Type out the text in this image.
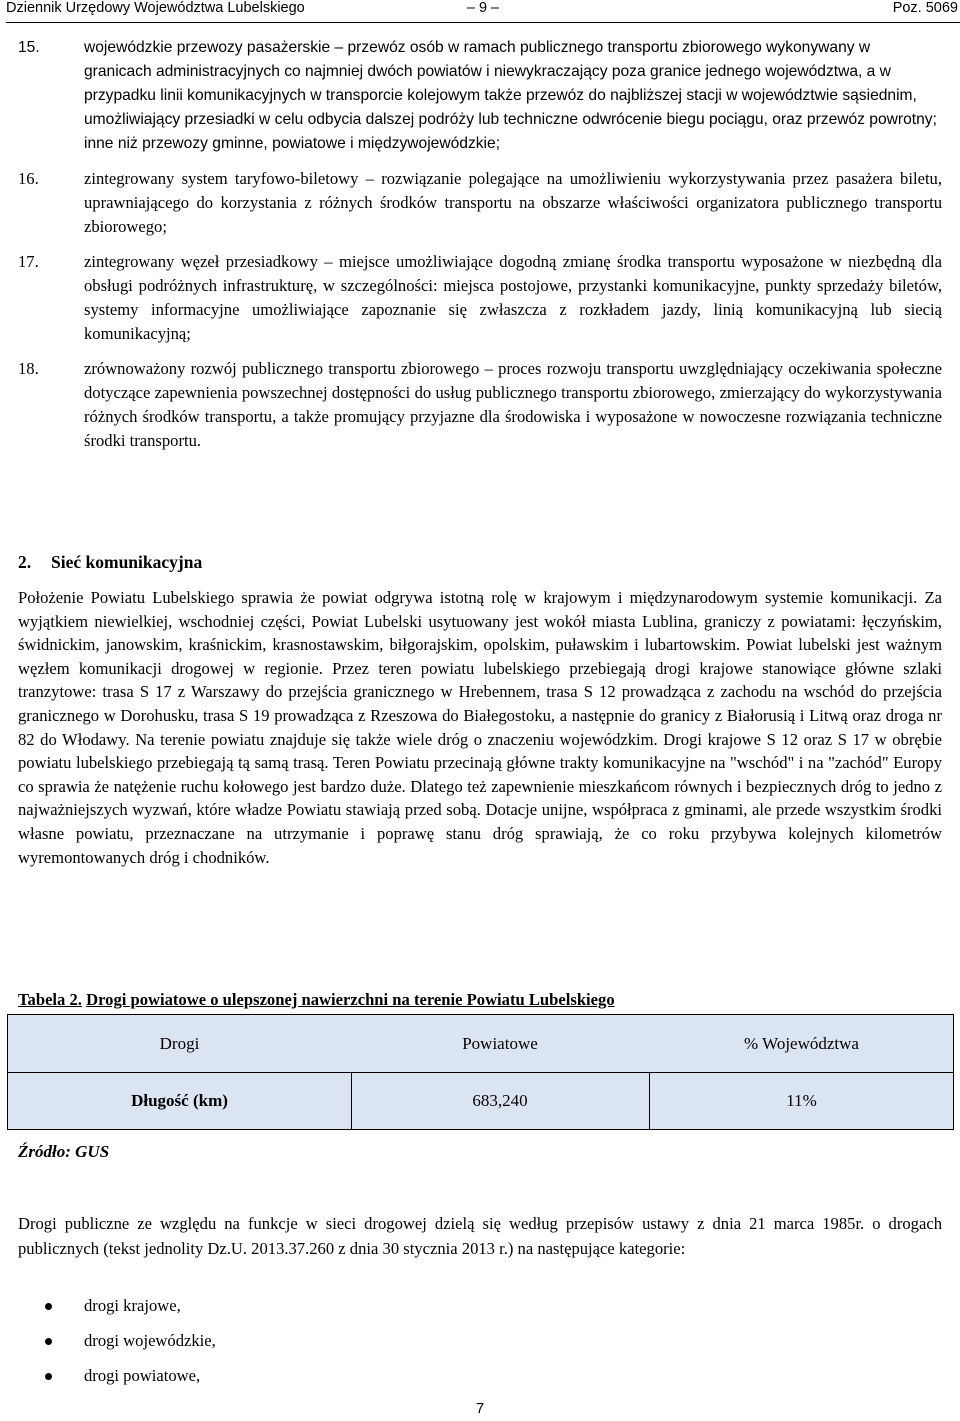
Dziennik Urzędowy Województwa Lubelskiego	– 9 –	Poz. 5069
15.	wojewódzkie przewozy pasażerskie – przewóz osób w ramach publicznego transportu zbiorowego wykonywany w granicach administracyjnych co najmniej dwóch powiatów i niewykraczający poza granice jednego województwa, a w przypadku linii komunikacyjnych w transporcie kolejowym także przewóz do najbliższej stacji w województwie sąsiednim, umożliwiający przesiadki w celu odbycia dalszej podróży lub techniczne odwrócenie biegu pociągu, oraz przewóz powrotny; inne niż przewozy gminne, powiatowe i międzywojewódzkie;
16.	zintegrowany system taryfowo-biletowy – rozwiązanie polegające na umożliwieniu wykorzystywania przez pasażera biletu, uprawniającego do korzystania z różnych środków transportu na obszarze właściwości organizatora publicznego transportu zbiorowego;
17.	zintegrowany węzeł przesiadkowy – miejsce umożliwiające dogodną zmianę środka transportu wyposażone w niezbędną dla obsługi podróżnych infrastrukturę, w szczególności: miejsca postojowe, przystanki komunikacyjne, punkty sprzedaży biletów, systemy informacyjne umożliwiające zapoznanie się zwłaszcza z rozkładem jazdy, linią komunikacyjną lub siecią komunikacyjną;
18.	zrównoważony rozwój publicznego transportu zbiorowego – proces rozwoju transportu uwzględniający oczekiwania społeczne dotyczące zapewnienia powszechnej dostępności do usług publicznego transportu zbiorowego, zmierzający do wykorzystywania różnych środków transportu, a także promujący przyjazne dla środowiska i wyposażone w nowoczesne rozwiązania techniczne środki transportu.
2. Sieć komunikacyjna
Położenie Powiatu Lubelskiego sprawia że powiat odgrywa istotną rolę w krajowym i międzynarodowym systemie komunikacji. Za wyjątkiem niewielkiej, wschodniej części, Powiat Lubelski usytuowany jest wokół miasta Lublina, graniczy z powiatami: łęczyńskim, świdnickim, janowskim, kraśnickim, krasnostawskim, biłgorajskim, opolskim, puławskim i lubartowskim. Powiat lubelski jest ważnym węzłem komunikacji drogowej w regionie. Przez teren powiatu lubelskiego przebiegają drogi krajowe stanowiące główne szlaki tranzytowe: trasa S 17 z Warszawy do przejścia granicznego w Hrebennem, trasa S 12 prowadząca z zachodu na wschód do przejścia granicznego w Dorohusku, trasa S 19 prowadząca z Rzeszowa do Białegostoku, a następnie do granicy z Białorusią i Litwą oraz droga nr 82 do Włodawy. Na terenie powiatu znajduje się także wiele dróg o znaczeniu wojewódzkim. Drogi krajowe S 12 oraz S 17 w obrębie powiatu lubelskiego przebiegają tą samą trasą. Teren Powiatu przecinają główne trakty komunikacyjne na "wschód" i na "zachód" Europy co sprawia że natężenie ruchu kołowego jest bardzo duże. Dlatego też zapewnienie mieszkańcom równych i bezpiecznych dróg to jedno z najważniejszych wyzwań, które władze Powiatu stawiają przed sobą. Dotacje unijne, współpraca z gminami, ale przede wszystkim środki własne powiatu, przeznaczane na utrzymanie i poprawę stanu dróg sprawiają, że co roku przybywa kolejnych kilometrów wyremontowanych dróg i chodników.
Tabela 2. Drogi powiatowe o ulepszonej nawierzchni na terenie Powiatu Lubelskiego
Drogi	Powiatowe	% Województwa
Długość (km)	683,240	11%
Źródło: GUS
Drogi publiczne ze względu na funkcje w sieci drogowej dzielą się według przepisów ustawy z dnia 21 marca 1985r. o drogach publicznych (tekst jednolity Dz.U. 2013.37.260 z dnia 30 stycznia 2013 r.) na następujące kategorie:
drogi krajowe,
drogi wojewódzkie,
drogi powiatowe,
7
